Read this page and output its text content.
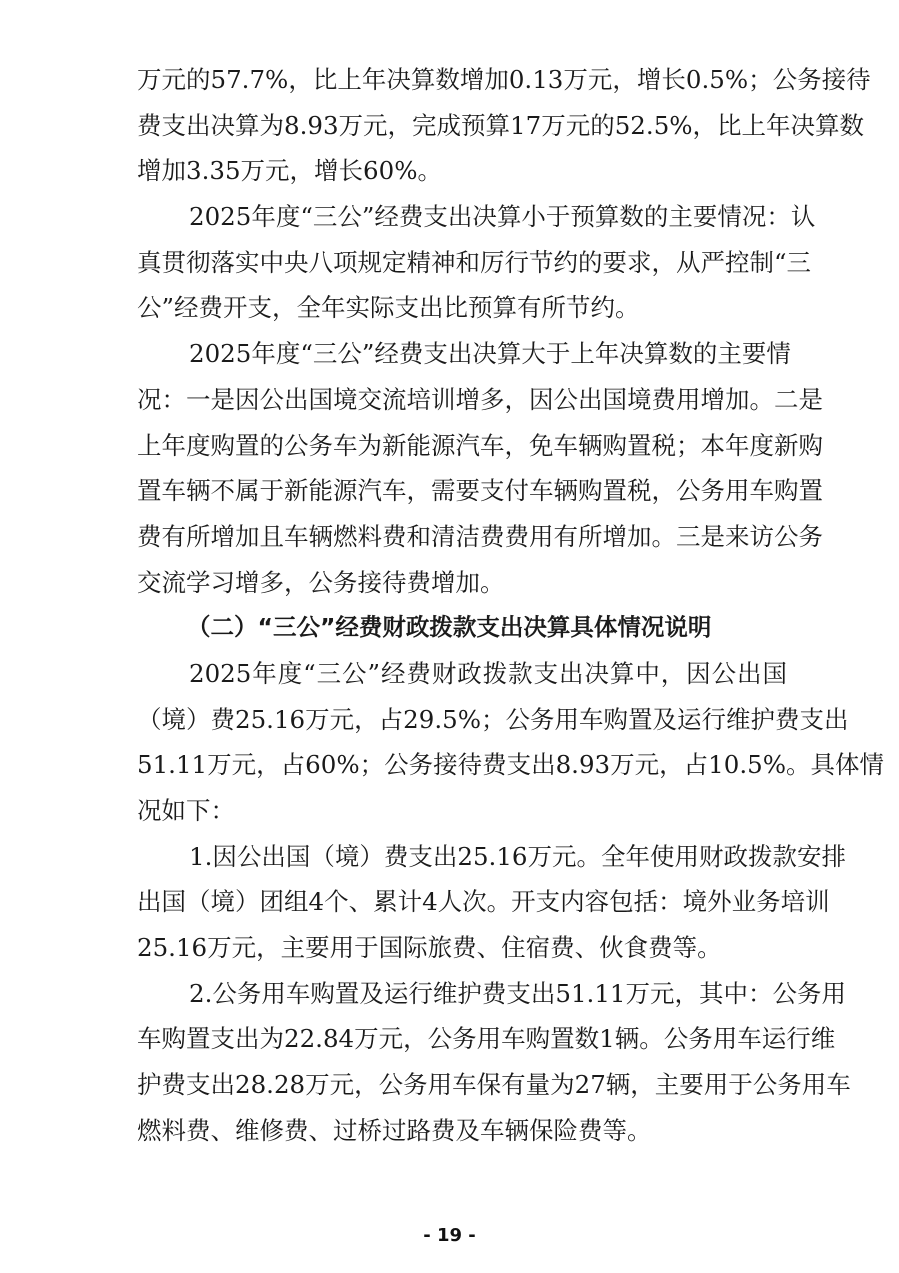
万元的57.7%，比上年决算数增加0.13万元，增长0.5%；公务接待
费支出决算为8.93万元，完成预算17万元的52.5%，比上年决算数
增加3.35万元，增长60%。
2025年度“三公”经费支出决算小于预算数的主要情况：认
真贯彻落实中央八项规定精神和厉行节约的要求，从严控制“三
公”经费开支，全年实际支出比预算有所节约。
2025年度“三公”经费支出决算大于上年决算数的主要情
况：一是因公出国境交流培训增多，因公出国境费用增加。二是
上年度购置的公务车为新能源汽车，免车辆购置税；本年度新购
置车辆不属于新能源汽车，需要支付车辆购置税，公务用车购置
费有所增加且车辆燃料费和清洁费费用有所增加。三是来访公务
交流学习增多，公务接待费增加。
（二）“三公”经费财政拨款支出决算具体情况说明
2025年度“三公”经费财政拨款支出决算中，因公出国
（境）费25.16万元，占29.5%；公务用车购置及运行维护费支出
51.11万元，占60%；公务接待费支出8.93万元，占10.5%。具体情
况如下：
1.因公出国（境）费支出25.16万元。全年使用财政拨款安排
出国（境）团组4个、累计4人次。开支内容包括：境外业务培训
25.16万元，主要用于国际旅费、住宿费、伙食费等。
2.公务用车购置及运行维护费支出51.11万元，其中：公务用
车购置支出为22.84万元，公务用车购置数1辆。公务用车运行维
护费支出28.28万元，公务用车保有量为27辆，主要用于公务用车
燃料费、维修费、过桥过路费及车辆保险费等。
- 19 -
